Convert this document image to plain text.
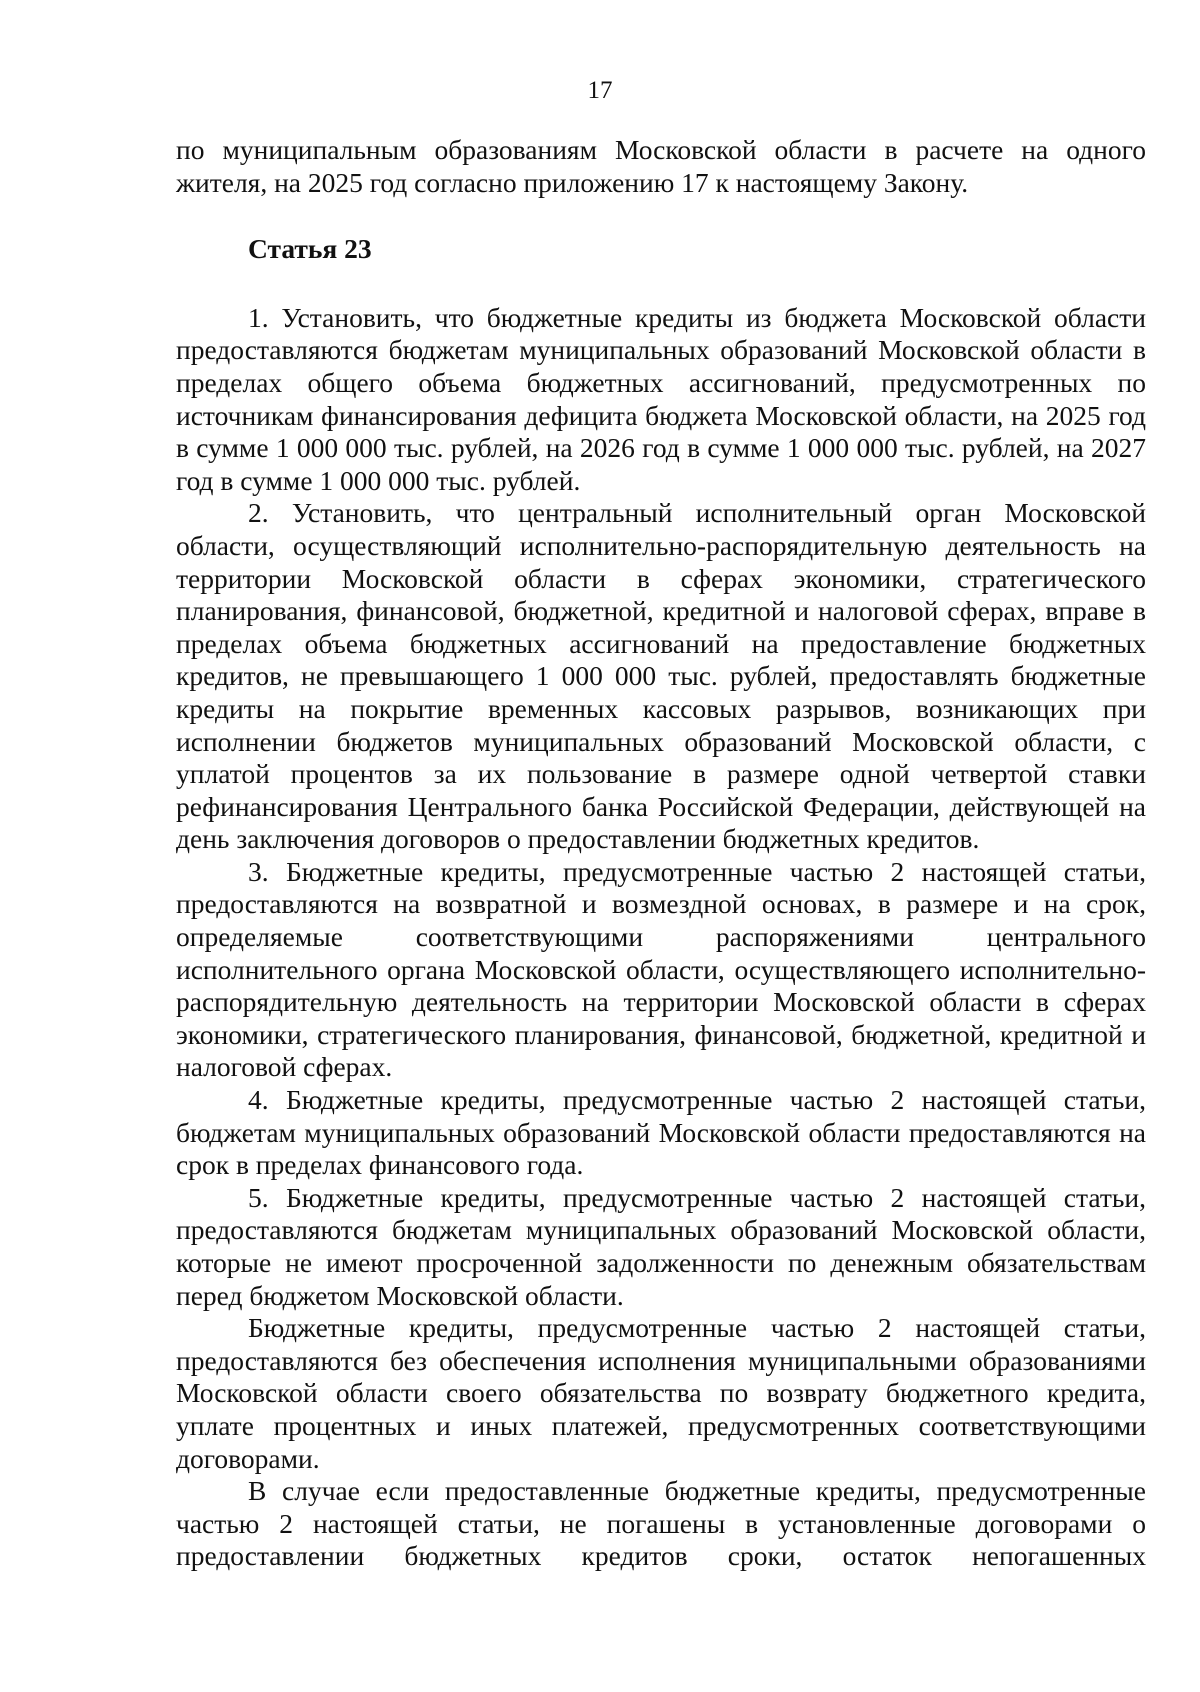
17

по муниципальным образованиям Московской области в расчете на одного жителя, на 2025 год согласно приложению 17 к настоящему Закону.

Статья 23

1. Установить, что бюджетные кредиты из бюджета Московской области предоставляются бюджетам муниципальных образований Московской области в пределах общего объема бюджетных ассигнований, предусмотренных по источникам финансирования дефицита бюджета Московской области, на 2025 год в сумме 1 000 000 тыс. рублей, на 2026 год в сумме 1 000 000 тыс. рублей, на 2027 год в сумме 1 000 000 тыс. рублей.

2. Установить, что центральный исполнительный орган Московской области, осуществляющий исполнительно-распорядительную деятельность на территории Московской области в сферах экономики, стратегического планирования, финансовой, бюджетной, кредитной и налоговой сферах, вправе в пределах объема бюджетных ассигнований на предоставление бюджетных кредитов, не превышающего 1 000 000 тыс. рублей, предоставлять бюджетные кредиты на покрытие временных кассовых разрывов, возникающих при исполнении бюджетов муниципальных образований Московской области, с уплатой процентов за их пользование в размере одной четвертой ставки рефинансирования Центрального банка Российской Федерации, действующей на день заключения договоров о предоставлении бюджетных кредитов.

3. Бюджетные кредиты, предусмотренные частью 2 настоящей статьи, предоставляются на возвратной и возмездной основах, в размере и на срок, определяемые соответствующими распоряжениями центрального исполнительного органа Московской области, осуществляющего исполнительно-распорядительную деятельность на территории Московской области в сферах экономики, стратегического планирования, финансовой, бюджетной, кредитной и налоговой сферах.

4. Бюджетные кредиты, предусмотренные частью 2 настоящей статьи, бюджетам муниципальных образований Московской области предоставляются на срок в пределах финансового года.

5. Бюджетные кредиты, предусмотренные частью 2 настоящей статьи, предоставляются бюджетам муниципальных образований Московской области, которые не имеют просроченной задолженности по денежным обязательствам перед бюджетом Московской области.

Бюджетные кредиты, предусмотренные частью 2 настоящей статьи, предоставляются без обеспечения исполнения муниципальными образованиями Московской области своего обязательства по возврату бюджетного кредита, уплате процентных и иных платежей, предусмотренных соответствующими договорами.

В случае если предоставленные бюджетные кредиты, предусмотренные частью 2 настоящей статьи, не погашены в установленные договорами о предоставлении бюджетных кредитов сроки, остаток непогашенных
